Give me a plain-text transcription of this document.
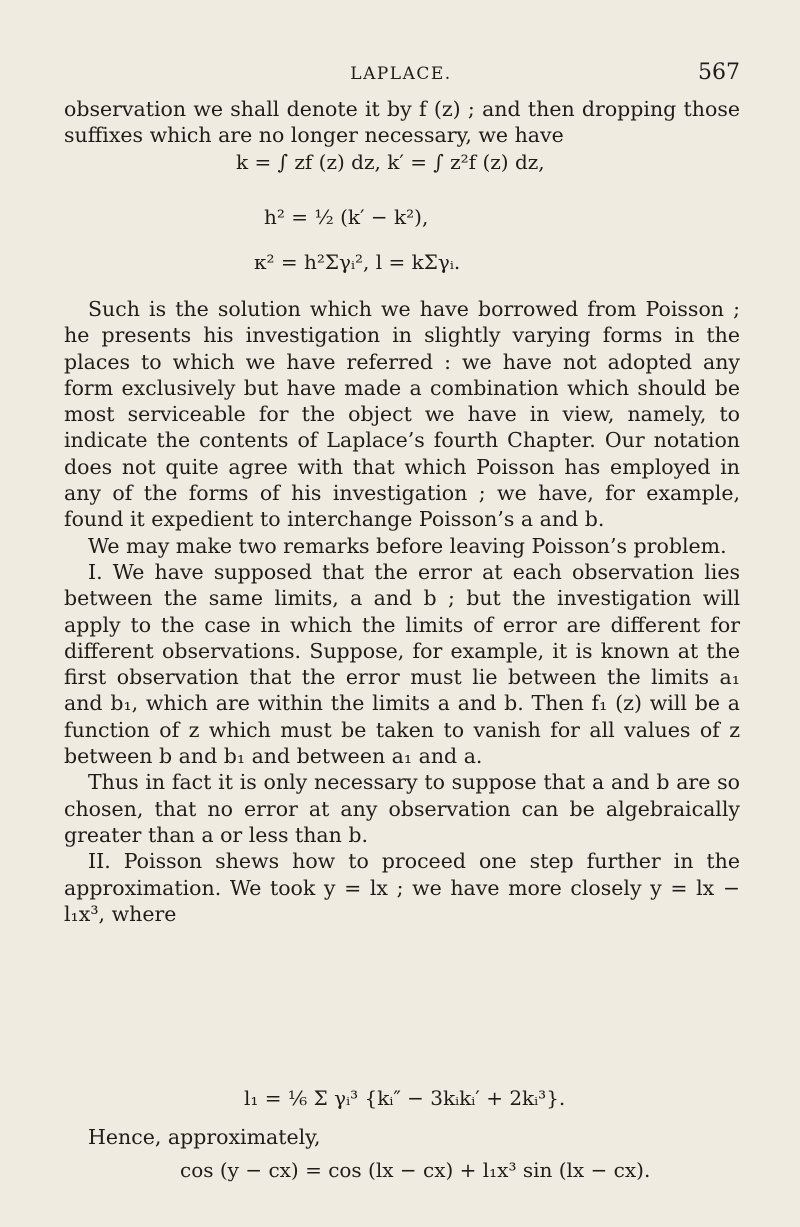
LAPLACE.	567

observation we shall denote it by f (z) ; and then dropping those suffixes which are no longer necessary, we have

k = ∫ zf (z) dz, k′ = ∫ z²f (z) dz,
h² = ½ (k′ − k²),
κ² = h²Σγᵢ², l = kΣγᵢ.

Such is the solution which we have borrowed from Poisson ; he presents his investigation in slightly varying forms in the places to which we have referred : we have not adopted any form exclusively but have made a combination which should be most serviceable for the object we have in view, namely, to indicate the contents of Laplace’s fourth Chapter. Our notation does not quite agree with that which Poisson has employed in any of the forms of his investigation ; we have, for example, found it expedient to interchange Poisson’s a and b.

We may make two remarks before leaving Poisson’s problem.

I. We have supposed that the error at each observation lies between the same limits, a and b ; but the investigation will apply to the case in which the limits of error are different for different observations. Suppose, for example, it is known at the first observation that the error must lie between the limits a₁ and b₁, which are within the limits a and b. Then f₁ (z) will be a function of z which must be taken to vanish for all values of z between b and b₁ and between a₁ and a.

Thus in fact it is only necessary to suppose that a and b are so chosen, that no error at any observation can be algebraically greater than a or less than b.

II. Poisson shews how to proceed one step further in the approximation. We took y = lx ; we have more closely y = lx − l₁x³, where

l₁ = ⅙ Σ γᵢ³ {kᵢ″ − 3kᵢkᵢ′ + 2kᵢ³}.

Hence, approximately,

cos (y − cx) = cos (lx − cx) + l₁x³ sin (lx − cx).
